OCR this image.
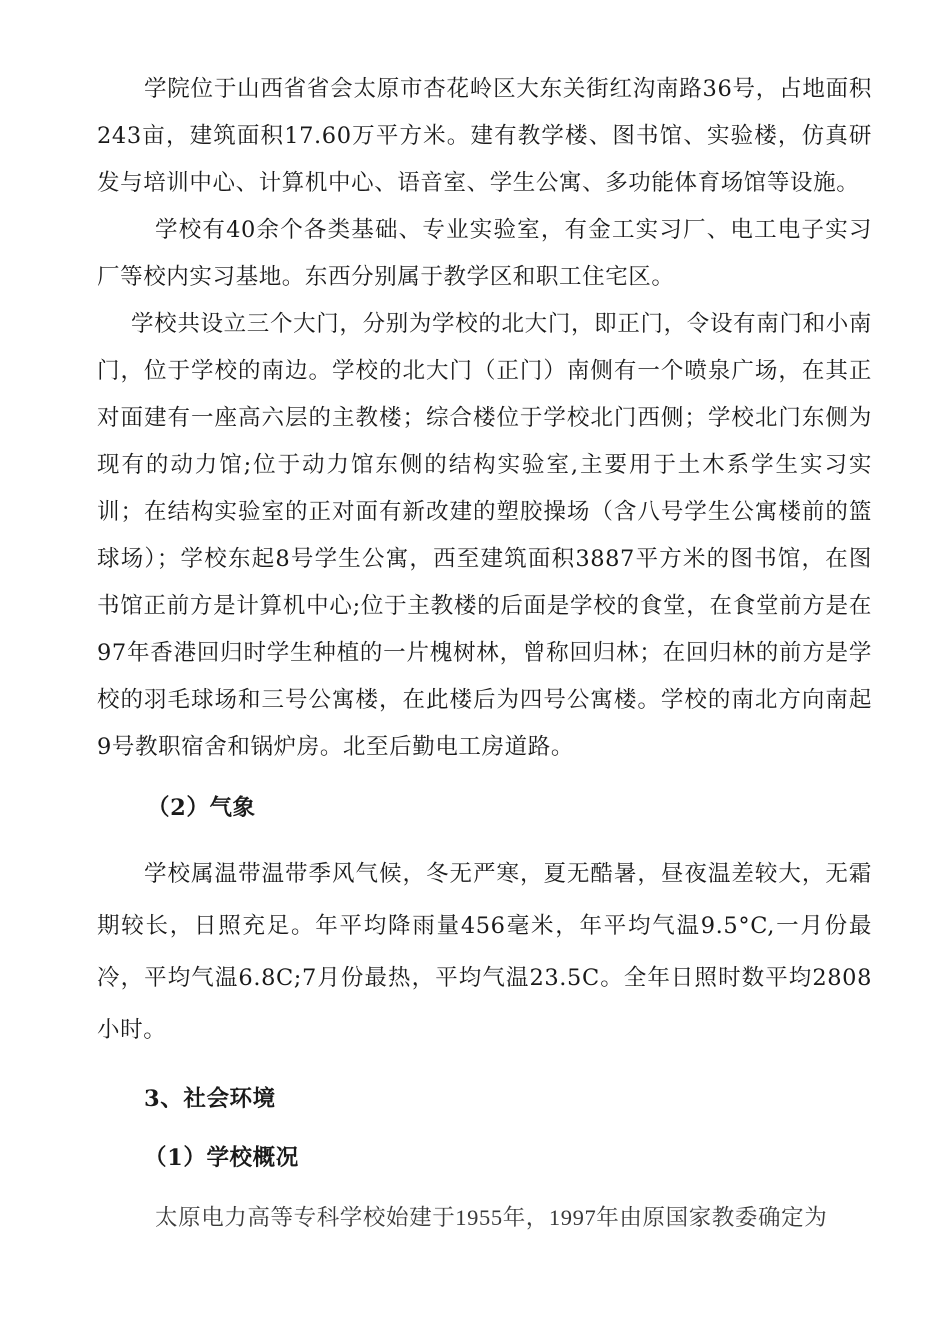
学院位于山西省省会太原市杏花岭区大东关街红沟南路36号，占地面积243亩，建筑面积17.60万平方米。建有教学楼、图书馆、实验楼，仿真研发与培训中心、计算机中心、语音室、学生公寓、多功能体育场馆等设施。

学校有40余个各类基础、专业实验室，有金工实习厂、电工电子实习厂等校内实习基地。东西分别属于教学区和职工住宅区。

学校共设立三个大门，分别为学校的北大门，即正门，令设有南门和小南门，位于学校的南边。学校的北大门（正门）南侧有一个喷泉广场，在其正对面建有一座高六层的主教楼；综合楼位于学校北门西侧；学校北门东侧为现有的动力馆;位于动力馆东侧的结构实验室,主要用于土木系学生实习实训；在结构实验室的正对面有新改建的塑胶操场（含八号学生公寓楼前的篮球场）；学校东起8号学生公寓，西至建筑面积3887平方米的图书馆，在图书馆正前方是计算机中心;位于主教楼的后面是学校的食堂，在食堂前方是在97年香港回归时学生种植的一片槐树林，曾称回归林；在回归林的前方是学校的羽毛球场和三号公寓楼，在此楼后为四号公寓楼。学校的南北方向南起9号教职宿舍和锅炉房。北至后勤电工房道路。

（2）气象

学校属温带温带季风气候，冬无严寒，夏无酷暑，昼夜温差较大，无霜期较长，日照充足。年平均降雨量456毫米，年平均气温9.5°C,一月份最冷，平均气温6.8C;7月份最热，平均气温23.5C。全年日照时数平均2808小时。

3、社会环境
（1）学校概况

太原电力高等专科学校始建于1955年，1997年由原国家教委确定为
